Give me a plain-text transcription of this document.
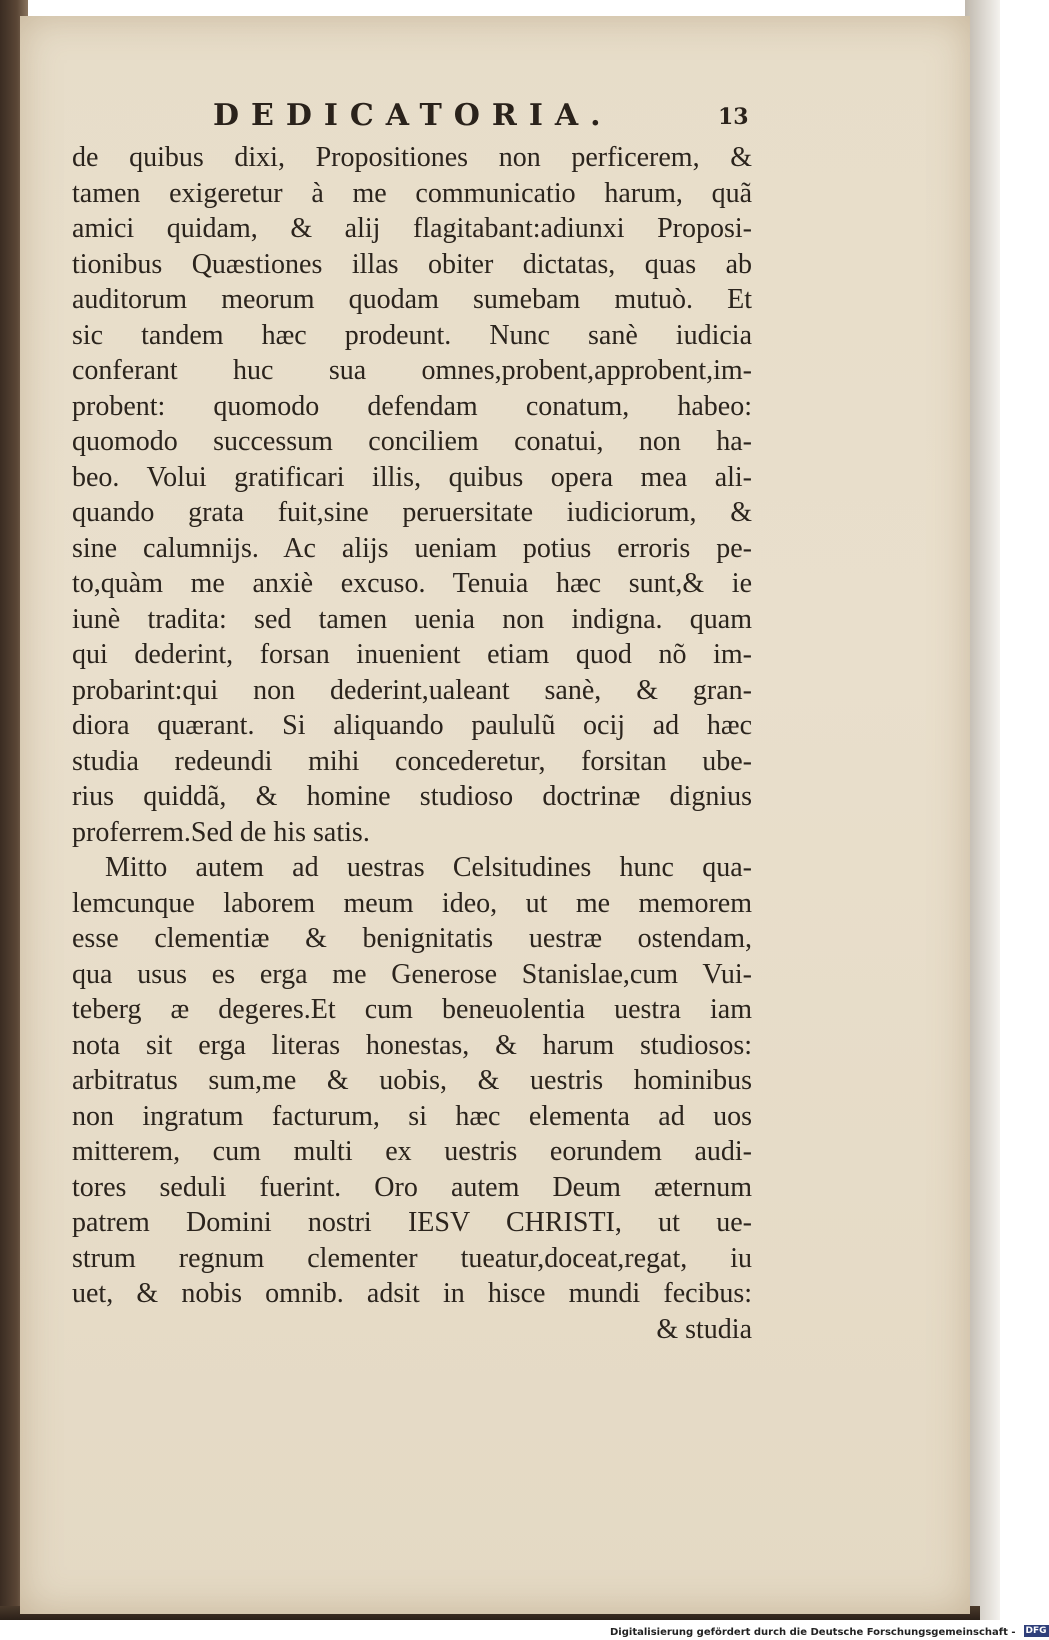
DEDICATORIA.	13
de quibus dixi, Propositiones non perficerem, &
tamen exigeretur à me communicatio harum, quã
amici quidam, & alij flagitabant:adiunxi Proposi-
tionibus Quæstiones illas obiter dictatas, quas ab
auditorum meorum quodam sumebam mutuò. Et
sic tandem hæc prodeunt. Nunc sanè iudicia
conferant huc sua omnes,probent,approbent,im-
probent: quomodo defendam conatum, habeo:
quomodo successum conciliem conatui, non ha-
beo. Volui gratificari illis, quibus opera mea ali-
quando grata fuit,sine peruersitate iudiciorum, &
sine calumnijs. Ac alijs ueniam potius erroris pe-
to,quàm me anxiè excuso. Tenuia hæc sunt,& ie
iunè tradita: sed tamen uenia non indigna. quam
qui dederint, forsan inuenient etiam quod nõ im-
probarint:qui non dederint,ualeant sanè, & gran-
diora quærant. Si aliquando paululũ ocij ad hæc
studia redeundi mihi concederetur, forsitan ube-
rius quiddã, & homine studioso doctrinæ dignius
proferrem.Sed de his satis.
Mitto autem ad uestras Celsitudines hunc qua-
lemcunque laborem meum ideo, ut me memorem
esse clementiæ & benignitatis uestræ ostendam,
qua usus es erga me Generose Stanislae,cum Vui-
teberg æ degeres.Et cum beneuolentia uestra iam
nota sit erga literas honestas, & harum studiosos:
arbitratus sum,me & uobis, & uestris hominibus
non ingratum facturum, si hæc elementa ad uos
mitterem, cum multi ex uestris eorundem audi-
tores seduli fuerint. Oro autem Deum æternum
patrem Domini nostri IESV CHRISTI, ut ue-
strum regnum clementer tueatur,doceat,regat, iu
uet, & nobis omnib. adsit in hisce mundi fecibus:
& studia
Digitalisierung gefördert durch die Deutsche Forschungsgemeinschaft - DFG
